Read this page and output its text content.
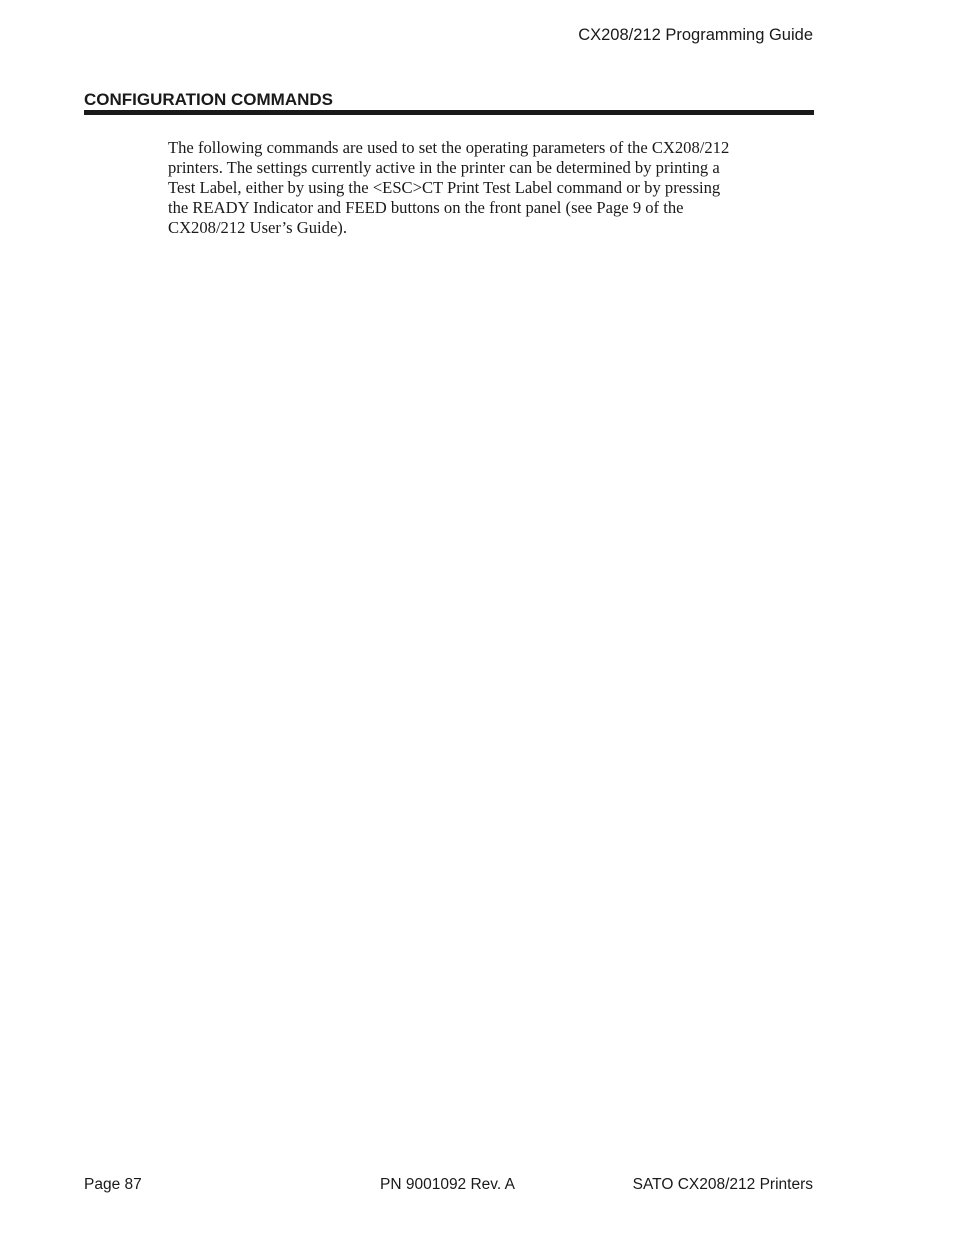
CX208/212 Programming Guide
CONFIGURATION COMMANDS

The following commands are used to set the operating parameters of the CX208/212
printers. The settings currently active in the printer can be determined by printing a
Test Label, either by using the <ESC>CT Print Test Label command or by pressing
the READY Indicator and FEED buttons on the front panel (see Page 9 of the
CX208/212 User’s Guide).

Page 87	PN 9001092 Rev. A	SATO CX208/212 Printers
